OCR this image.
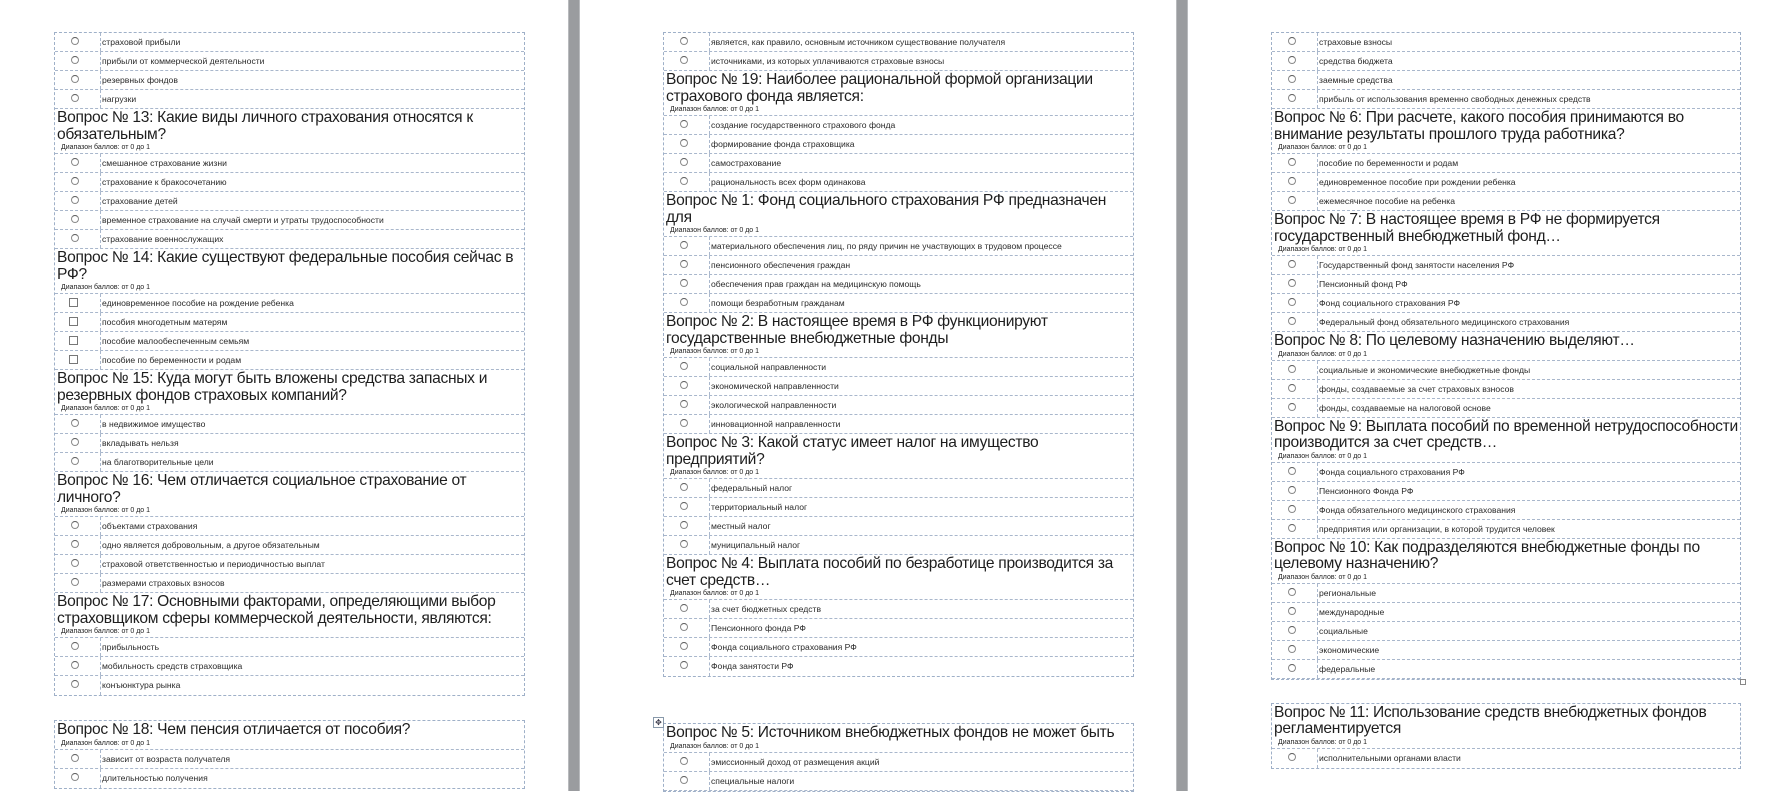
страховой прибыли
прибыли от коммерческой деятельности
резервных фондов
нагрузки
Вопрос № 13: Какие виды личного страхования относятся к обязательным?
Диапазон баллов: от 0 до 1
смешанное страхование жизни
страхование к бракосочетанию
страхование детей
временное страхование на случай смерти и утраты трудоспособности
страхование военнослужащих
Вопрос № 14: Какие существуют федеральные пособия сейчас в РФ?
Диапазон баллов: от 0 до 1
единовременное пособие на рождение ребенка
пособия многодетным матерям
пособие малообеспеченным семьям
пособие по беременности и родам
Вопрос № 15: Куда могут быть вложены средства запасных и резервных фондов страховых компаний?
Диапазон баллов: от 0 до 1
в недвижимое имущество
вкладывать нельзя
на благотворительные цели
Вопрос № 16: Чем отличается социальное страхование от личного?
Диапазон баллов: от 0 до 1
объектами страхования
одно является добровольным, а другое обязательным
страховой ответственностью и периодичностью выплат
размерами страховых взносов
Вопрос № 17: Основными факторами, определяющими выбор страховщиком сферы коммерческой деятельности, являются:
Диапазон баллов: от 0 до 1
прибыльность
мобильность средств страховщика
конъюнктура рынка
Вопрос № 18: Чем пенсия отличается от пособия?
Диапазон баллов: от 0 до 1
зависит от возраста получателя
длительностью получения
является, как правило, основным источником существование получателя
источниками, из которых уплачиваются страховые взносы
Вопрос № 19: Наиболее рациональной формой организации страхового фонда является:
Диапазон баллов: от 0 до 1
создание государственного страхового фонда
формирование фонда страховщика
самострахование
рациональность всех форм одинакова
Вопрос № 1: Фонд социального страхования РФ предназначен для
Диапазон баллов: от 0 до 1
материального обеспечения лиц, по ряду причин не участвующих в трудовом процессе
пенсионного обеспечения граждан
обеспечения прав граждан на медицинскую помощь
помощи безработным гражданам
Вопрос № 2: В настоящее время в РФ функционируют государственные внебюджетные фонды
Диапазон баллов: от 0 до 1
социальной направленности
экономической направленности
экологической направленности
инновационной направленности
Вопрос № 3: Какой статус имеет налог на имущество предприятий?
Диапазон баллов: от 0 до 1
федеральный налог
территориальный налог
местный налог
муниципальный налог
Вопрос № 4: Выплата пособий по безработице производится за счет средств…
Диапазон баллов: от 0 до 1
за счет бюджетных средств
Пенсионного фонда РФ
Фонда социального страхования РФ
Фонда занятости РФ
Вопрос № 5: Источником внебюджетных фондов не может быть
Диапазон баллов: от 0 до 1
эмиссионный доход от размещения акций
специальные налоги
✥
страховые взносы
средства бюджета
заемные средства
прибыль от использования временно свободных денежных средств
Вопрос № 6: При расчете, какого пособия принимаются во внимание результаты прошлого труда работника?
Диапазон баллов: от 0 до 1
пособие по беременности и родам
единовременное пособие при рождении ребенка
ежемесячное пособие на ребенка
Вопрос № 7: В настоящее время в РФ не формируется государственный внебюджетный фонд…
Диапазон баллов: от 0 до 1
Государственный фонд занятости населения РФ
Пенсионный фонд РФ
Фонд социального страхования РФ
Федеральный фонд обязательного медицинского страхования
Вопрос № 8: По целевому назначению выделяют…
Диапазон баллов: от 0 до 1
социальные и экономические внебюджетные фонды
фонды, создаваемые за счет страховых взносов
фонды, создаваемые на налоговой основе
Вопрос № 9: Выплата пособий по временной нетрудоспособности производится за счет средств…
Диапазон баллов: от 0 до 1
Фонда социального страхования РФ
Пенсионного Фонда РФ
Фонда обязательного медицинского страхования
предприятия или организации, в которой трудится человек
Вопрос № 10: Как подразделяются внебюджетные фонды по целевому назначению?
Диапазон баллов: от 0 до 1
региональные
международные
социальные
экономические
федеральные
Вопрос № 11: Использование средств внебюджетных фондов регламентируется
Диапазон баллов: от 0 до 1
исполнительными органами власти
